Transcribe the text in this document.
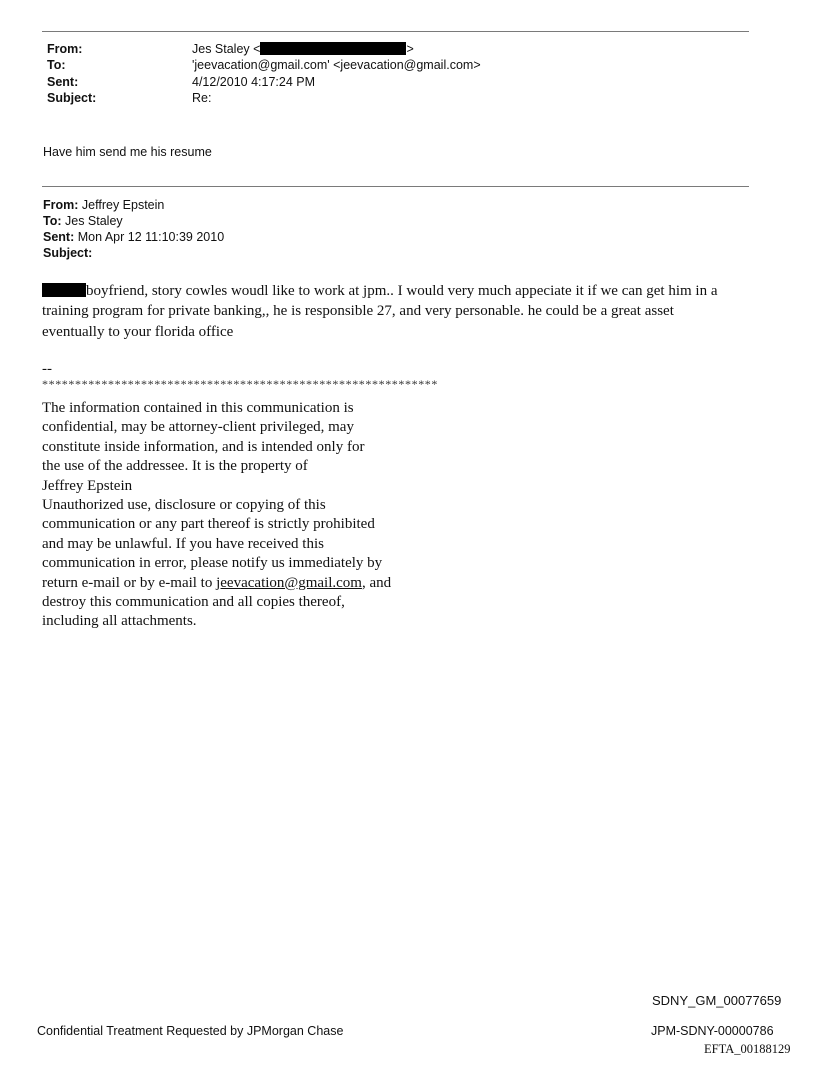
From:	Jes Staley <	>
To:	'jeevacation@gmail.com' <jeevacation@gmail.com>
Sent:	4/12/2010 4:17:24 PM
Subject:	Re:
Have him send me his resume
From: Jeffrey Epstein
To: Jes Staley
Sent: Mon Apr 12 11:10:39 2010
Subject:
boyfriend, story cowles woudl like to work at jpm.. I would very much appeciate it if we can get him in a
training program for private banking,, he is responsible 27, and very personable. he could be a great asset
eventually to your florida office
--
************************************************************
The information contained in this communication is
confidential, may be attorney-client privileged, may
constitute inside information, and is intended only for
the use of the addressee. It is the property of
Jeffrey Epstein
Unauthorized use, disclosure or copying of this
communication or any part thereof is strictly prohibited
and may be unlawful. If you have received this
communication in error, please notify us immediately by
return e-mail or by e-mail to jeevacation@gmail.com, and
destroy this communication and all copies thereof,
including all attachments.
SDNY_GM_00077659
Confidential Treatment Requested by JPMorgan Chase	JPM-SDNY-00000786
EFTA_00188129
